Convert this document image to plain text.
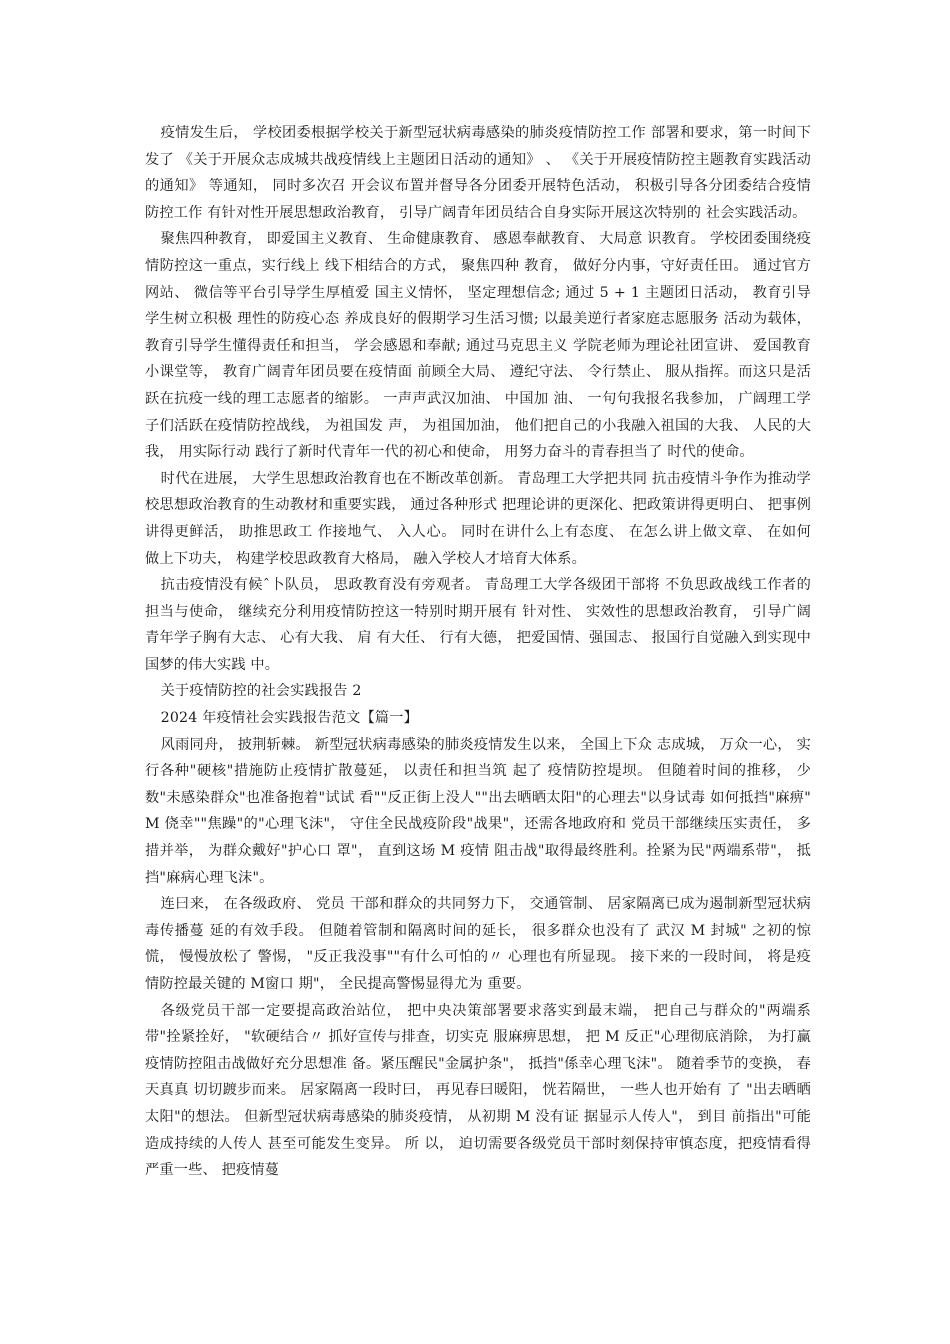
疫情发生后， 学校团委根据学校关于新型冠状病毒感染的肺炎疫情防控工作 部署和要求，第一时间下发了 《关于开展众志成城共战疫情线上主题团日活动的通知》 、 《关于开展疫情防控主题教育实践活动的通知》 等通知， 同时多次召 开会议布置并督导各分团委开展特色活动， 积极引导各分团委结合疫情防控工作 有针对性开展思想政治教育， 引导广阔青年团员结合自身实际开展这次特别的 社会实践活动。

聚焦四种教育， 即爱国主义教育、 生命健康教育、 感恩奉献教育、 大局意 识教育。 学校团委围绕疫情防控这一重点，实行线上 线下相结合的方式， 聚焦四种 教育， 做好分内事，守好责任田。 通过官方网站、 微信等平台引导学生厚植爱 国主义情怀， 坚定理想信念; 通过 5 + 1 主题团日活动， 教育引导学生树立积极 理性的防疫心态 养成良好的假期学习生活习惯; 以最美逆行者家庭志愿服务 活动为载体， 教育引导学生懂得责任和担当， 学会感恩和奉献; 通过马克思主义 学院老师为理论社团宣讲、 爱国教育小课堂等， 教育广阔青年团员要在疫情面 前顾全大局、 遵纪守法、 令行禁止、 服从指挥。而这只是活跃在抗疫一线的理工志愿者的缩影。 一声声武汉加油、 中国加 油、 一句句我报名我参加， 广阔理工学子们活跃在疫情防控战线， 为祖国发 声， 为祖国加油， 他们把自己的小我融入祖国的大我、 人民的大我， 用实际行动 践行了新时代青年一代的初心和使命， 用努力奋斗的青春担当了 时代的使命。

时代在进展， 大学生思想政治教育也在不断改革创新。 青岛理工大学把共同 抗击疫情斗争作为推动学校思想政治教育的生动教材和重要实践， 通过各种形式 把理论讲的更深化、把政策讲得更明白、 把事例讲得更鲜活， 助推思政工 作接地气、 入人心。 同时在讲什么上有态度、 在怎么讲上做文章、 在如何 做上下功夫， 构建学校思政教育大格局， 融入学校人才培育大体系。

抗击疫情没有候ˆ卜队员， 思政教育没有旁观者。 青岛理工大学各级团干部将 不负思政战线工作者的担当与使命， 继续充分利用疫情防控这一特别时期开展有 针对性、 实效性的思想政治教育， 引导广阔青年学子胸有大志、 心有大我、 肩 有大任、 行有大德， 把爱国情、强国志、 报国行自觉融入到实现中国梦的伟大实践 中。

关于疫情防控的社会实践报告 2

2024 年疫情社会实践报告范文【篇一】

风雨同舟， 披荆斩棘。 新型冠状病毒感染的肺炎疫情发生以来， 全国上下众 志成城， 万众一心， 实行各种"硬核"措施防止疫情扩散蔓延， 以责任和担当筑 起了 疫情防控堤坝。 但随着时间的推移， 少数"未感染群众"也准备抱着"试试 看""反正街上没人""出去晒晒太阳"的心理去"以身试毒 如何抵挡"麻痹" M 侥幸""焦躁"的"心理飞沫"， 守住全民战疫阶段"战果"，还需各地政府和 党员干部继续压实责任， 多措并举， 为群众戴好"护心口 罩"， 直到这场 M 疫情 阻击战"取得最终胜利。拴紧为民"两端系带"， 抵挡"麻病心理飞沫"。

连曰来， 在各级政府、 党员 干部和群众的共同努力下， 交通管制、 居家隔离已成为遏制新型冠状病毒传播蔓 延的有效手段。 但随着管制和隔离时间的延长， 很多群众也没有了 武汉 M 封城" 之初的惊慌， 慢慢放松了 警惕， "反正我没事""有什么可怕的〃 心理也有所显现。 接下来的一段时间， 将是疫情防控最关键的 M窗口 期"， 全民提高警惕显得尤为 重要。

各级党员干部一定要提高政治站位， 把中央决策部署要求落实到最末端， 把自己与群众的"两端系带"拴紧拴好， "软硬结合〃 抓好宣传与排查，切实克 服麻痹思想， 把 M 反正"心理彻底消除， 为打赢疫情防控阻击战做好充分思想准 备。紧压醒民"金属护条"， 抵挡"係幸心理飞沫"。 随着季节的变换， 春天真真 切切踱步而来。 居家隔离一段时曰， 再见春曰暖阳， 恍若隔世， 一些人也开始有 了 "出去晒晒太阳"的想法。 但新型冠状病毒感染的肺炎疫情， 从初期 M 没有证 据显示人传人"， 到目 前指出"可能造成持续的人传人 甚至可能发生变异。 所 以， 迫切需要各级党员干部时刻保持审慎态度，把疫情看得严重一些、 把疫情蔓
